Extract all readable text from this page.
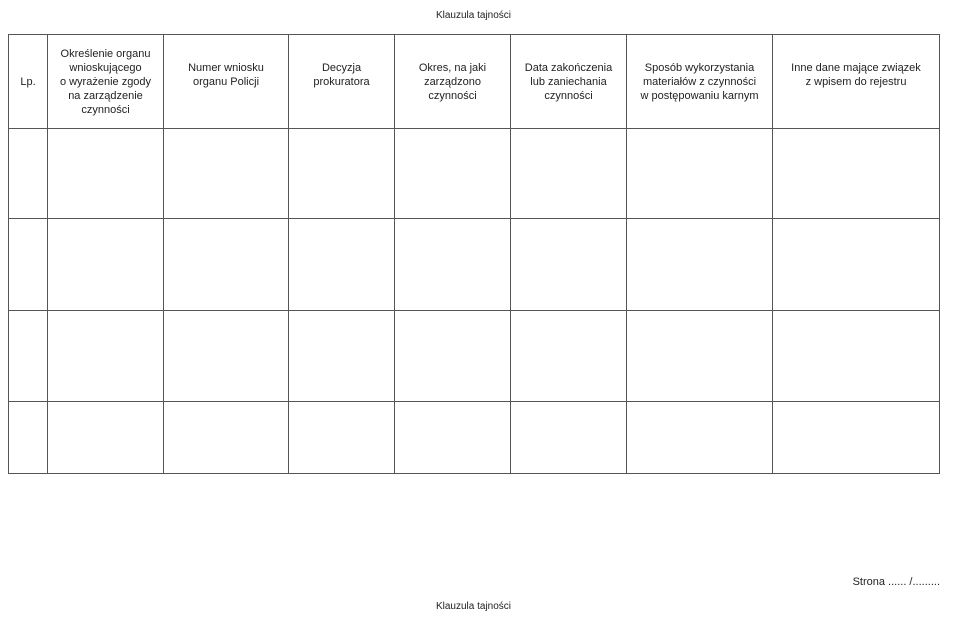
Klauzula tajności
Lp.	Określenie organu
wnioskującego
o wyrażenie zgody
na zarządzenie
czynności	Numer wniosku
organu Policji	Decyzja
prokuratora	Okres, na jaki
zarządzono
czynności	Data zakończenia
lub zaniechania
czynności	Sposób wykorzystania
materiałów z czynności
w postępowaniu karnym	Inne dane mające związek
z wpisem do rejestru

Strona ...... /.........
Klauzula tajności
